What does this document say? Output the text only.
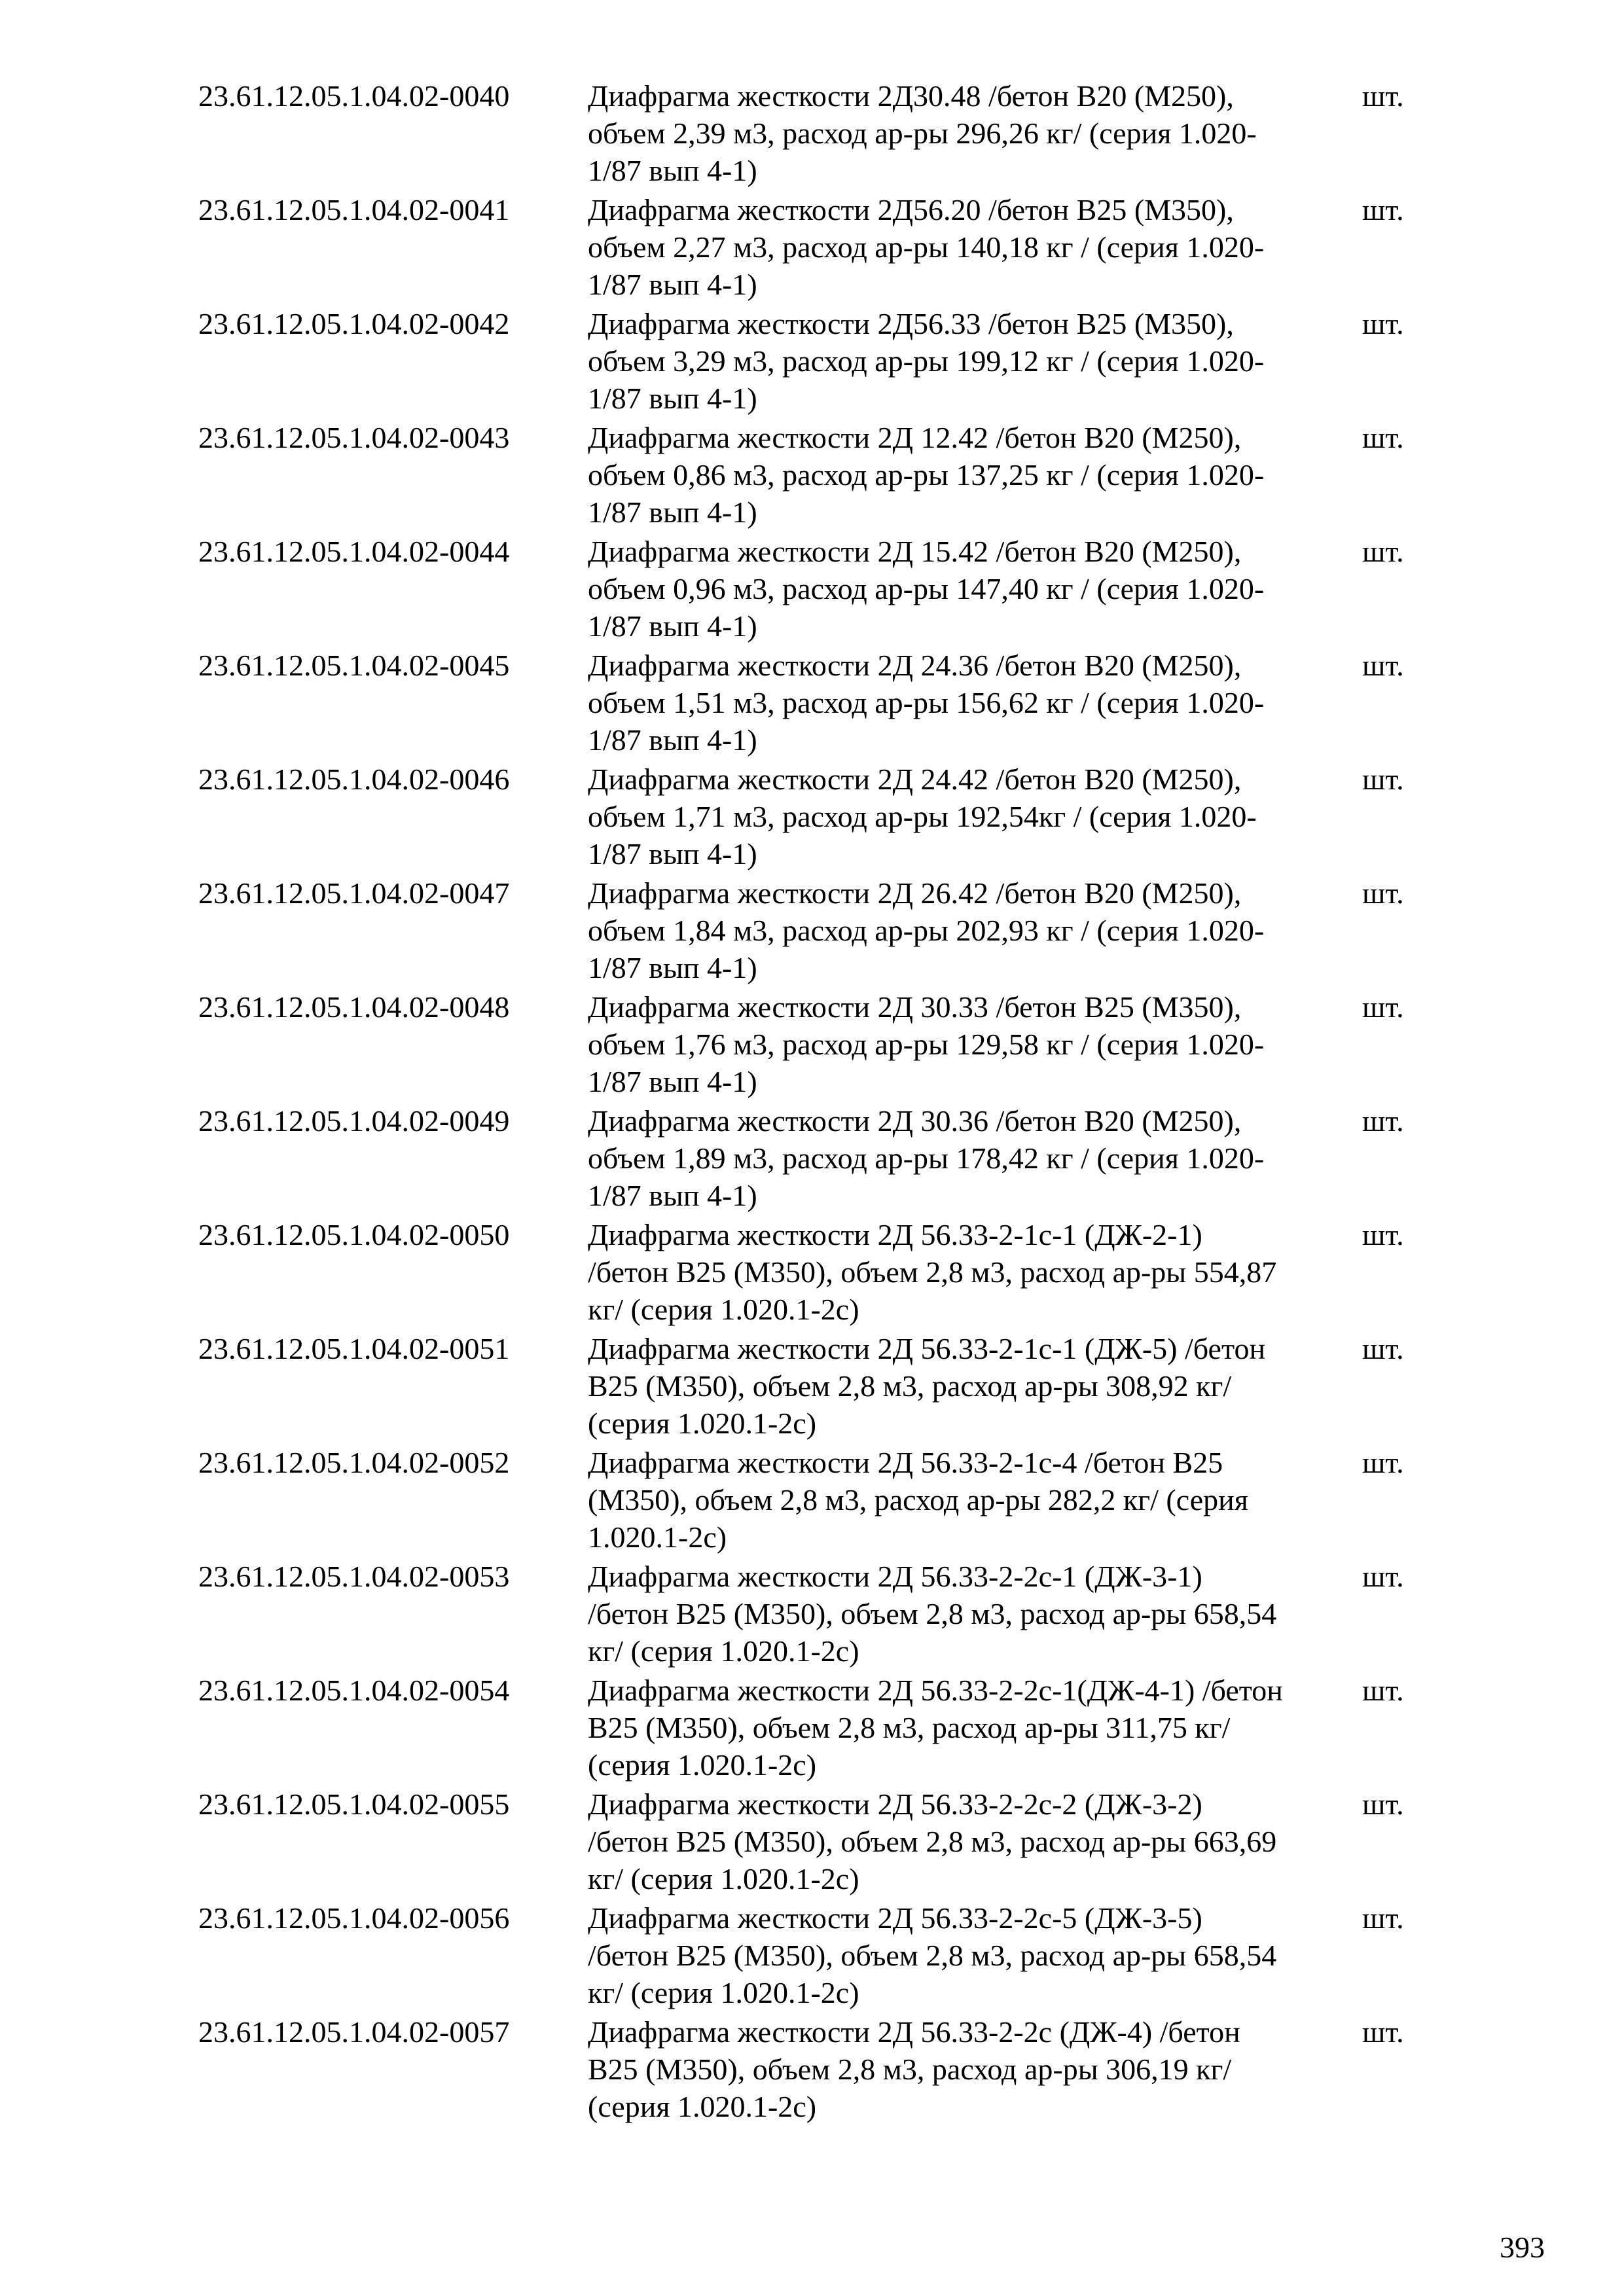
23.61.12.05.1.04.02-0040	Диафрагма жесткости 2Д30.48 /бетон В20 (М250),
объем 2,39 м3, расход ар-ры 296,26 кг/ (серия 1.020-
1/87 вып 4-1)
шт.
23.61.12.05.1.04.02-0041	Диафрагма жесткости 2Д56.20 /бетон В25 (М350),
объем 2,27 м3, расход ар-ры 140,18 кг / (серия 1.020-
1/87 вып 4-1)
шт.
23.61.12.05.1.04.02-0042	Диафрагма жесткости 2Д56.33 /бетон В25 (М350),
объем 3,29 м3, расход ар-ры 199,12 кг / (серия 1.020-
1/87 вып 4-1)
шт.
23.61.12.05.1.04.02-0043	Диафрагма жесткости 2Д 12.42 /бетон В20 (М250),
объем 0,86 м3, расход ар-ры 137,25 кг / (серия 1.020-
1/87 вып 4-1)
шт.
23.61.12.05.1.04.02-0044	Диафрагма жесткости 2Д 15.42 /бетон В20 (М250),
объем 0,96 м3, расход ар-ры 147,40 кг / (серия 1.020-
1/87 вып 4-1)
шт.
23.61.12.05.1.04.02-0045	Диафрагма жесткости 2Д 24.36 /бетон В20 (М250),
объем 1,51 м3, расход ар-ры 156,62 кг / (серия 1.020-
1/87 вып 4-1)
шт.
23.61.12.05.1.04.02-0046	Диафрагма жесткости 2Д 24.42 /бетон В20 (М250),
объем 1,71 м3, расход ар-ры 192,54кг / (серия 1.020-
1/87 вып 4-1)
шт.
23.61.12.05.1.04.02-0047	Диафрагма жесткости 2Д 26.42 /бетон В20 (М250),
объем 1,84 м3, расход ар-ры 202,93 кг / (серия 1.020-
1/87 вып 4-1)
шт.
23.61.12.05.1.04.02-0048	Диафрагма жесткости 2Д 30.33 /бетон В25 (М350),
объем 1,76 м3, расход ар-ры 129,58 кг / (серия 1.020-
1/87 вып 4-1)
шт.
23.61.12.05.1.04.02-0049	Диафрагма жесткости 2Д 30.36 /бетон В20 (М250),
объем 1,89 м3, расход ар-ры 178,42 кг / (серия 1.020-
1/87 вып 4-1)
шт.
23.61.12.05.1.04.02-0050	Диафрагма жесткости 2Д 56.33-2-1с-1 (ДЖ-2-1)
/бетон В25 (М350), объем 2,8 м3, расход ар-ры 554,87
кг/ (серия 1.020.1-2с)
шт.
23.61.12.05.1.04.02-0051	Диафрагма жесткости 2Д 56.33-2-1с-1 (ДЖ-5) /бетон
В25 (М350), объем 2,8 м3, расход ар-ры 308,92 кг/
(серия 1.020.1-2с)
шт.
23.61.12.05.1.04.02-0052	Диафрагма жесткости 2Д 56.33-2-1с-4 /бетон В25
(М350), объем 2,8 м3, расход ар-ры 282,2 кг/ (серия
1.020.1-2с)
шт.
23.61.12.05.1.04.02-0053	Диафрагма жесткости 2Д 56.33-2-2с-1 (ДЖ-3-1)
/бетон В25 (М350), объем 2,8 м3, расход ар-ры 658,54
кг/ (серия 1.020.1-2с)
шт.
23.61.12.05.1.04.02-0054	Диафрагма жесткости 2Д 56.33-2-2с-1(ДЖ-4-1) /бетон
В25 (М350), объем 2,8 м3, расход ар-ры 311,75 кг/
(серия 1.020.1-2с)
шт.
23.61.12.05.1.04.02-0055	Диафрагма жесткости 2Д 56.33-2-2с-2 (ДЖ-3-2)
/бетон В25 (М350), объем 2,8 м3, расход ар-ры 663,69
кг/ (серия 1.020.1-2с)
шт.
23.61.12.05.1.04.02-0056	Диафрагма жесткости 2Д 56.33-2-2с-5 (ДЖ-3-5)
/бетон В25 (М350), объем 2,8 м3, расход ар-ры 658,54
кг/ (серия 1.020.1-2с)
шт.
23.61.12.05.1.04.02-0057	Диафрагма жесткости 2Д 56.33-2-2с (ДЖ-4) /бетон
В25 (М350), объем 2,8 м3, расход ар-ры 306,19 кг/
(серия 1.020.1-2с)
шт.
393
